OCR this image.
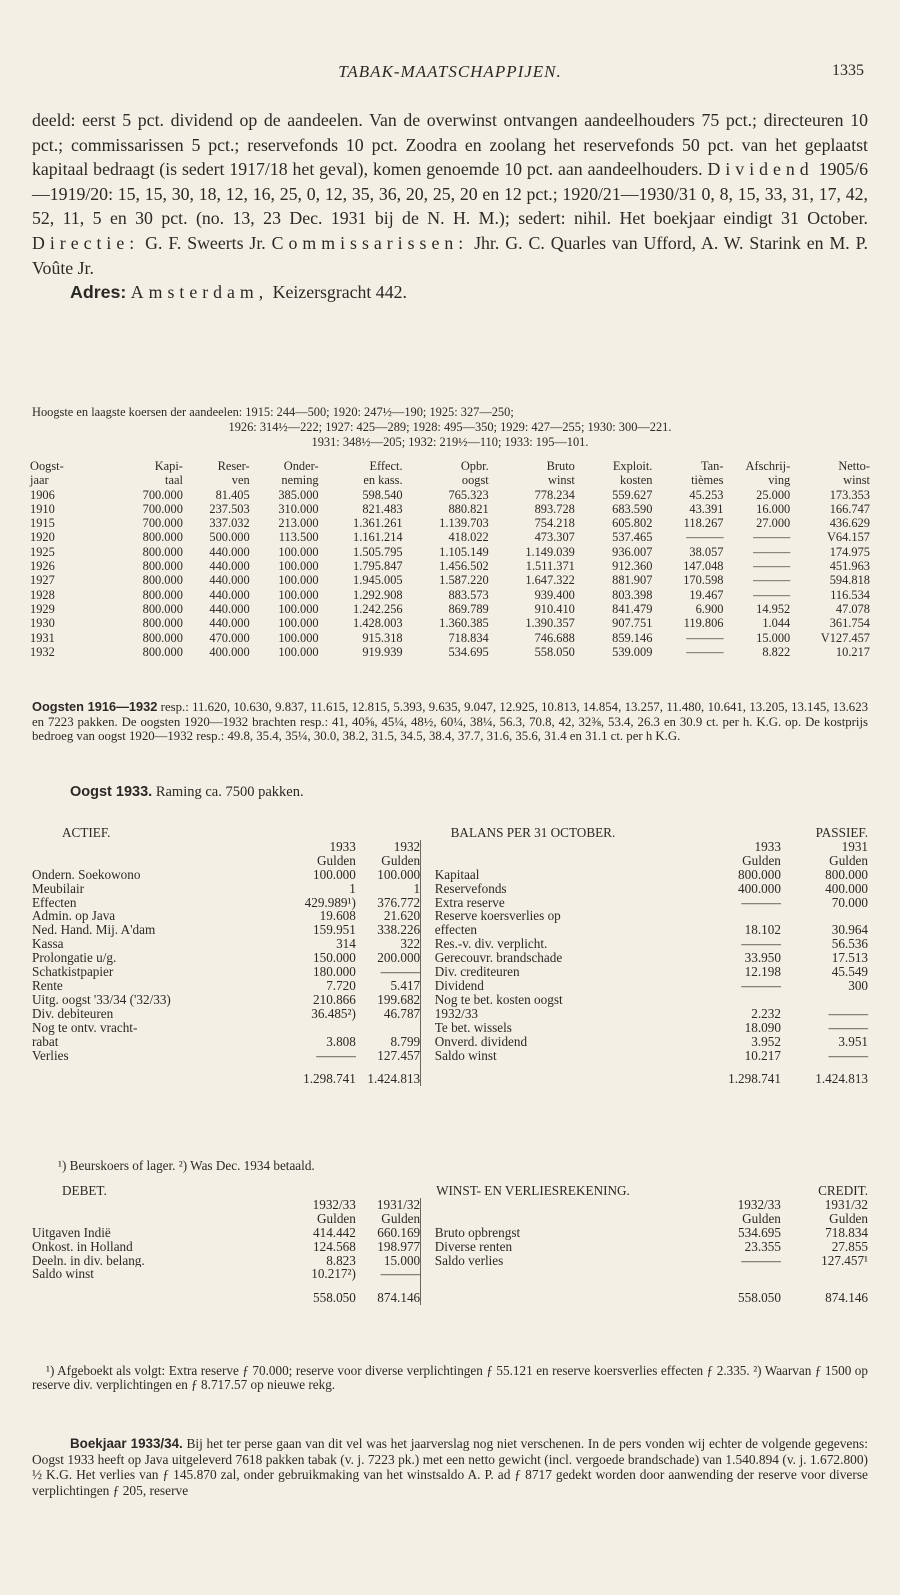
TABAK-MAATSCHAPPIJEN.	1335

deeld: eerst 5 pct. dividend op de aandeelen. Van de overwinst ontvangen aandeelhouders 75 pct.; directeuren 10 pct.; commissarissen 5 pct.; reservefonds 10 pct. Zoodra en zoolang het reservefonds 50 pct. van het geplaatst kapitaal bedraagt (is sedert 1917/18 het geval), komen genoemde 10 pct. aan aandeelhouders. Dividend 1905/6—1919/20: 15, 15, 30, 18, 12, 16, 25, 0, 12, 35, 36, 20, 25, 20 en 12 pct.; 1920/21—1930/31 0, 8, 15, 33, 31, 17, 42, 52, 11, 5 en 30 pct. (no. 13, 23 Dec. 1931 bij de N. H. M.); sedert: nihil. Het boekjaar eindigt 31 October. Directie: G. F. Sweerts Jr. Commissarissen: Jhr. G. C. Quarles van Ufford, A. W. Starink en M. P. Voûte Jr.

Adres: Amsterdam, Keizersgracht 442.

Hoogste en laagste koersen der aandeelen: 1915: 244—500; 1920: 247½—190; 1925: 327—250;
1926: 314½—222; 1927: 425—289; 1928: 495—350; 1929: 427—255; 1930: 300—221.
1931: 348½—205; 1932: 219½—110; 1933: 195—101.
Oogst-	Kapi-	Reser-	Onder-	Effect.	Opbr.	Bruto	Exploit.	Tan-	Afschrij-	Netto-
jaar	taal	ven	neming	en kass.	oogst	winst	kosten	tièmes	ving	winst
1906	700.000	81.405	385.000	598.540	765.323	778.234	559.627	45.253	25.000	173.353
1910	700.000	237.503	310.000	821.483	880.821	893.728	683.590	43.391	16.000	166.747
1915	700.000	337.032	213.000	1.361.261	1.139.703	754.218	605.802	118.267	27.000	436.629
1920	800.000	500.000	113.500	1.161.214	418.022	473.307	537.465	———	———	V64.157
1925	800.000	440.000	100.000	1.505.795	1.105.149	1.149.039	936.007	38.057	———	174.975
1926	800.000	440.000	100.000	1.795.847	1.456.502	1.511.371	912.360	147.048	———	451.963
1927	800.000	440.000	100.000	1.945.005	1.587.220	1.647.322	881.907	170.598	———	594.818
1928	800.000	440.000	100.000	1.292.908	883.573	939.400	803.398	19.467	———	116.534
1929	800.000	440.000	100.000	1.242.256	869.789	910.410	841.479	6.900	14.952	47.078
1930	800.000	440.000	100.000	1.428.003	1.360.385	1.390.357	907.751	119.806	1.044	361.754
1931	800.000	470.000	100.000	915.318	718.834	746.688	859.146	———	15.000	V127.457
1932	800.000	400.000	100.000	919.939	534.695	558.050	539.009	———	8.822	10.217
Oogsten 1916—1932 resp.: 11.620, 10.630, 9.837, 11.615, 12.815, 5.393, 9.635, 9.047, 12.925, 10.813, 14.854, 13.257, 11.480, 10.641, 13.205, 13.145, 13.623 en 7223 pakken. De oogsten 1920—1932 brachten resp.: 41, 40⅝, 45¼, 48½, 60¼, 38¼, 56.3, 70.8, 42, 32⅜, 53.4, 26.3 en 30.9 ct. per h. K.G. op. De kostprijs bedroeg van oogst 1920—1932 resp.: 49.8, 35.4, 35¼, 30.0, 38.2, 31.5, 34.5, 38.4, 37.7, 31.6, 35.6, 31.4 en 31.1 ct. per h K.G.
Oogst 1933. Raming ca. 7500 pakken.
ACTIEF.	BALANS PER 31 OCTOBER.					PASSIEF.
	1933	1932			1933	1931
	Gulden	Gulden			Gulden	Gulden
Ondern. Soekowono	100.000	100.000		Kapitaal	800.000	800.000
Meubilair	1	1		Reservefonds	400.000	400.000
Effecten	429.989¹)	376.772		Extra reserve	———	70.000
Admin. op Java	19.608	21.620		Reserve koersverlies op		
Ned. Hand. Mij. A'dam	159.951	338.226		effecten	18.102	30.964
Kassa	314	322		Res.-v. div. verplicht.	———	56.536
Prolongatie u/g.	150.000	200.000		Gerecouvr. brandschade	33.950	17.513
Schatkistpapier	180.000	———		Div. crediteuren	12.198	45.549
Rente	7.720	5.417		Dividend	———	300
Uitg. oogst '33/34 ('32/33)	210.866	199.682		Nog te bet. kosten oogst		
Div. debiteuren	36.485²)	46.787		1932/33	2.232	———
Nog te ontv. vracht-				Te bet. wissels	18.090	———
rabat	3.808	8.799		Onverd. dividend	3.952	3.951
Verlies	———	127.457		Saldo winst	10.217	———

	1.298.741	1.424.813			1.298.741	1.424.813
¹) Beurskoers of lager. ²) Was Dec. 1934 betaald.
DEBET.	WINST- EN VERLIESREKENING.					CREDIT.
	1932/33	1931/32			1932/33	1931/32
	Gulden	Gulden			Gulden	Gulden
Uitgaven Indië	414.442	660.169		Bruto opbrengst	534.695	718.834
Onkost. in Holland	124.568	198.977		Diverse renten	23.355	27.855
Deeln. in div. belang.	8.823	15.000		Saldo verlies	———	127.457¹
Saldo winst	10.217²)	———				

	558.050	874.146			558.050	874.146
¹) Afgeboekt als volgt: Extra reserve ƒ 70.000; reserve voor diverse verplichtingen ƒ 55.121 en reserve koersverlies effecten ƒ 2.335. ²) Waarvan ƒ 1500 op reserve div. verplichtingen en ƒ 8.717.57 op nieuwe rekg.
Boekjaar 1933/34. Bij het ter perse gaan van dit vel was het jaarverslag nog niet verschenen. In de pers vonden wij echter de volgende gegevens: Oogst 1933 heeft op Java uitgeleverd 7618 pakken tabak (v. j. 7223 pk.) met een netto gewicht (incl. vergoede brandschade) van 1.540.894 (v. j. 1.672.800) ½ K.G. Het verlies van ƒ 145.870 zal, onder gebruikmaking van het winstsaldo A. P. ad ƒ 8717 gedekt worden door aanwending der reserve voor diverse verplichtingen ƒ 205, reserve
